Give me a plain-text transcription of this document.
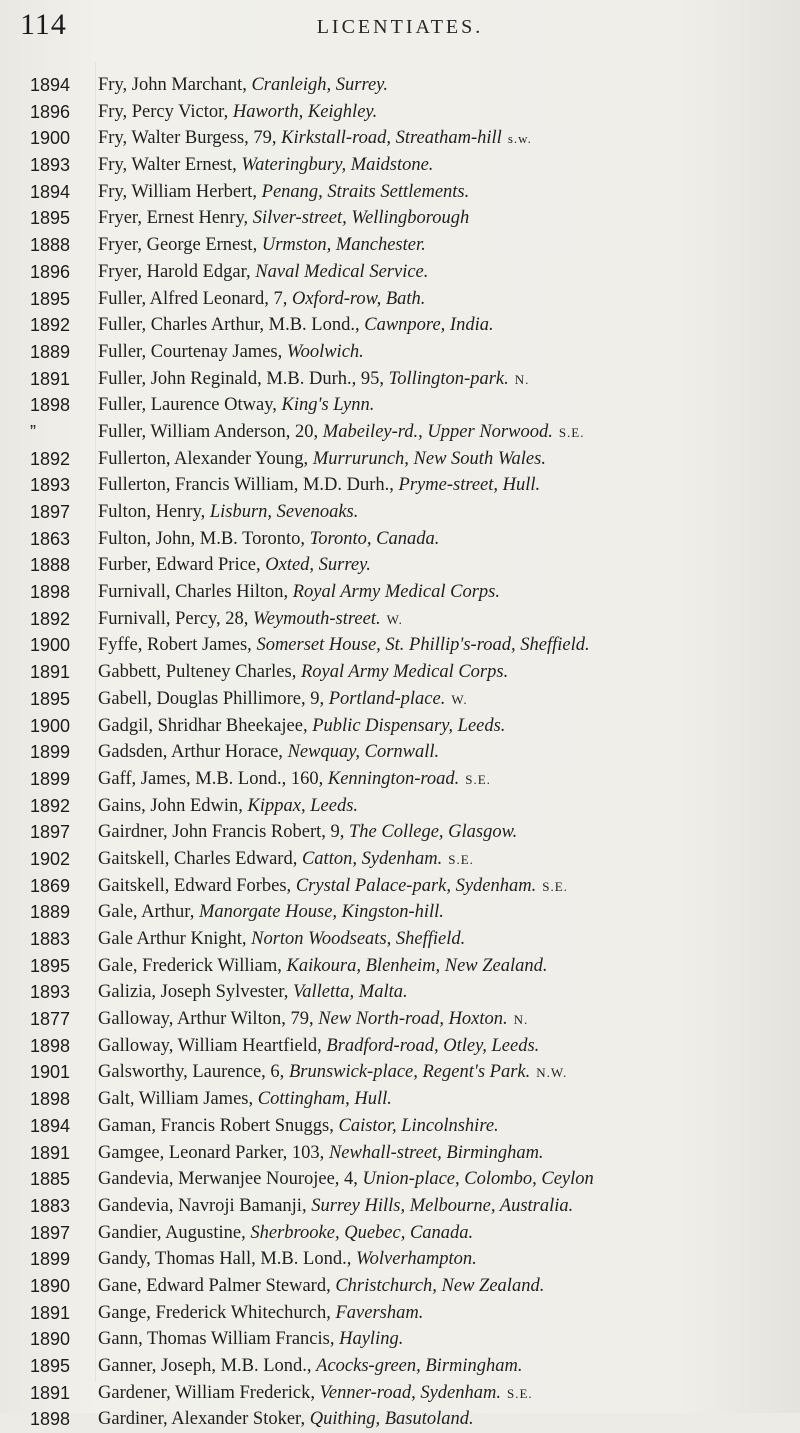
114	LICENTIATES.
1894	Fry, John Marchant, Cranleigh, Surrey.
1896	Fry, Percy Victor, Haworth, Keighley.
1900	Fry, Walter Burgess, 79, Kirkstall-road, Streatham-hill s.w.
1893	Fry, Walter Ernest, Wateringbury, Maidstone.
1894	Fry, William Herbert, Penang, Straits Settlements.
1895	Fryer, Ernest Henry, Silver-street, Wellingborough
1888	Fryer, George Ernest, Urmston, Manchester.
1896	Fryer, Harold Edgar, Naval Medical Service.
1895	Fuller, Alfred Leonard, 7, Oxford-row, Bath.
1892	Fuller, Charles Arthur, M.B. Lond., Cawnpore, India.
1889	Fuller, Courtenay James, Woolwich.
1891	Fuller, John Reginald, M.B. Durh., 95, Tollington-park. N.
1898	Fuller, Laurence Otway, King's Lynn.
”	Fuller, William Anderson, 20, Mabeiley-rd., Upper Norwood. S.E.
1892	Fullerton, Alexander Young, Murrurunch, New South Wales.
1893	Fullerton, Francis William, M.D. Durh., Pryme-street, Hull.
1897	Fulton, Henry, Lisburn, Sevenoaks.
1863	Fulton, John, M.B. Toronto, Toronto, Canada.
1888	Furber, Edward Price, Oxted, Surrey.
1898	Furnivall, Charles Hilton, Royal Army Medical Corps.
1892	Furnivall, Percy, 28, Weymouth-street. W.
1900	Fyffe, Robert James, Somerset House, St. Phillip's-road, Sheffield.
1891	Gabbett, Pulteney Charles, Royal Army Medical Corps.
1895	Gabell, Douglas Phillimore, 9, Portland-place. W.
1900	Gadgil, Shridhar Bheekajee, Public Dispensary, Leeds.
1899	Gadsden, Arthur Horace, Newquay, Cornwall.
1899	Gaff, James, M.B. Lond., 160, Kennington-road. S.E.
1892	Gains, John Edwin, Kippax, Leeds.
1897	Gairdner, John Francis Robert, 9, The College, Glasgow.
1902	Gaitskell, Charles Edward, Catton, Sydenham. S.E.
1869	Gaitskell, Edward Forbes, Crystal Palace-park, Sydenham. S.E.
1889	Gale, Arthur, Manorgate House, Kingston-hill.
1883	Gale Arthur Knight, Norton Woodseats, Sheffield.
1895	Gale, Frederick William, Kaikoura, Blenheim, New Zealand.
1893	Galizia, Joseph Sylvester, Valletta, Malta.
1877	Galloway, Arthur Wilton, 79, New North-road, Hoxton. N.
1898	Galloway, William Heartfield, Bradford-road, Otley, Leeds.
1901	Galsworthy, Laurence, 6, Brunswick-place, Regent's Park. N.W.
1898	Galt, William James, Cottingham, Hull.
1894	Gaman, Francis Robert Snuggs, Caistor, Lincolnshire.
1891	Gamgee, Leonard Parker, 103, Newhall-street, Birmingham.
1885	Gandevia, Merwanjee Nourojee, 4, Union-place, Colombo, Ceylon
1883	Gandevia, Navroji Bamanji, Surrey Hills, Melbourne, Australia.
1897	Gandier, Augustine, Sherbrooke, Quebec, Canada.
1899	Gandy, Thomas Hall, M.B. Lond., Wolverhampton.
1890	Gane, Edward Palmer Steward, Christchurch, New Zealand.
1891	Gange, Frederick Whitechurch, Faversham.
1890	Gann, Thomas William Francis, Hayling.
1895	Ganner, Joseph, M.B. Lond., Acocks-green, Birmingham.
1891	Gardener, William Frederick, Venner-road, Sydenham. S.E.
1898	Gardiner, Alexander Stoker, Quithing, Basutoland.
